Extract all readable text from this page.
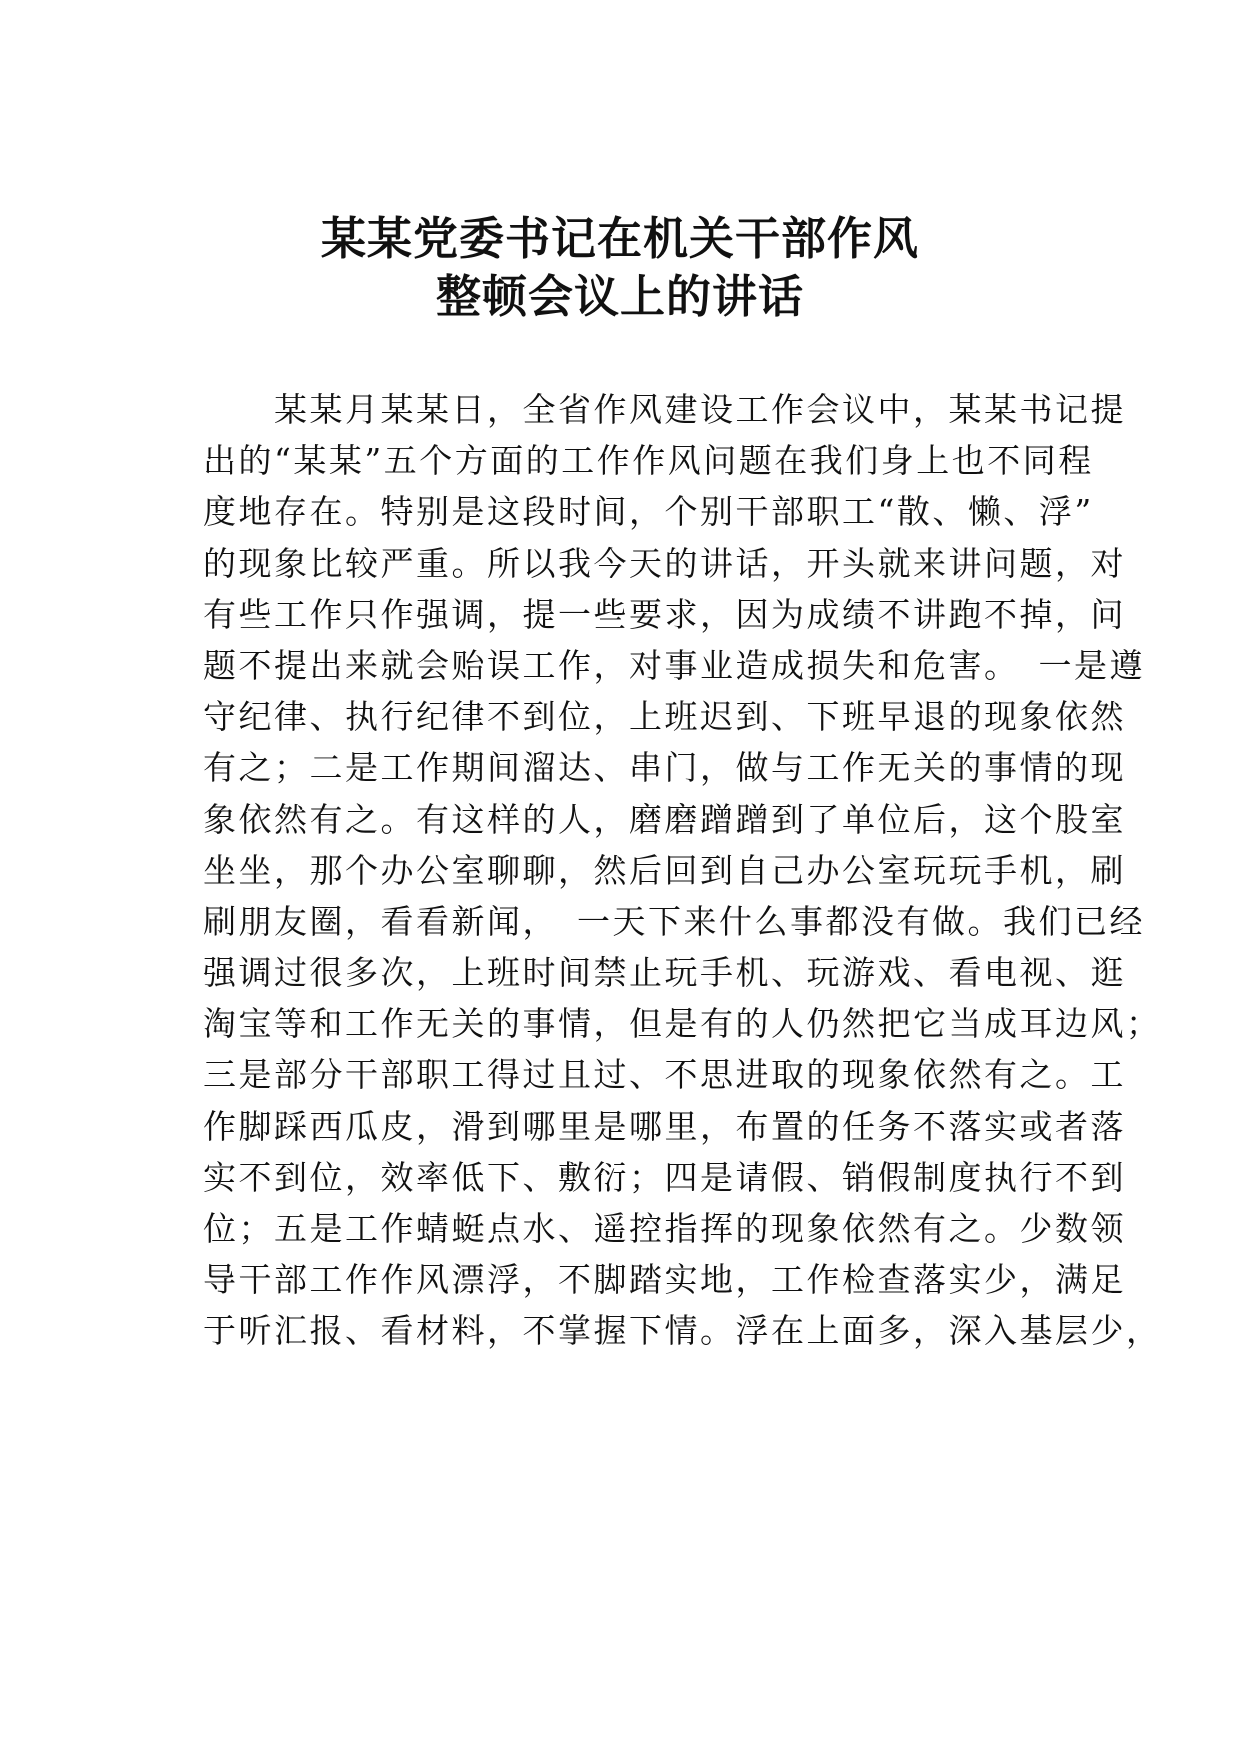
某某党委书记在机关干部作风
整顿会议上的讲话
　　某某月某某日，全省作风建设工作会议中，某某书记提
出的“某某”五个方面的工作作风问题在我们身上也不同程
度地存在。特别是这段时间，个别干部职工“散、懒、浮”
的现象比较严重。所以我今天的讲话，开头就来讲问题，对
有些工作只作强调，提一些要求，因为成绩不讲跑不掉，问
题不提出来就会贻误工作，对事业造成损失和危害。　一是遵
守纪律、执行纪律不到位，上班迟到、下班早退的现象依然
有之；二是工作期间溜达、串门，做与工作无关的事情的现
象依然有之。有这样的人，磨磨蹭蹭到了单位后，这个股室
坐坐，那个办公室聊聊，然后回到自己办公室玩玩手机，刷
刷朋友圈，看看新闻，　一天下来什么事都没有做。我们已经
强调过很多次，上班时间禁止玩手机、玩游戏、看电视、逛
淘宝等和工作无关的事情，但是有的人仍然把它当成耳边风；
三是部分干部职工得过且过、不思进取的现象依然有之。工
作脚踩西瓜皮，滑到哪里是哪里，布置的任务不落实或者落
实不到位，效率低下、敷衍；四是请假、销假制度执行不到
位；五是工作蜻蜓点水、遥控指挥的现象依然有之。少数领
导干部工作作风漂浮，不脚踏实地，工作检查落实少，满足
于听汇报、看材料，不掌握下情。浮在上面多，深入基层少，
